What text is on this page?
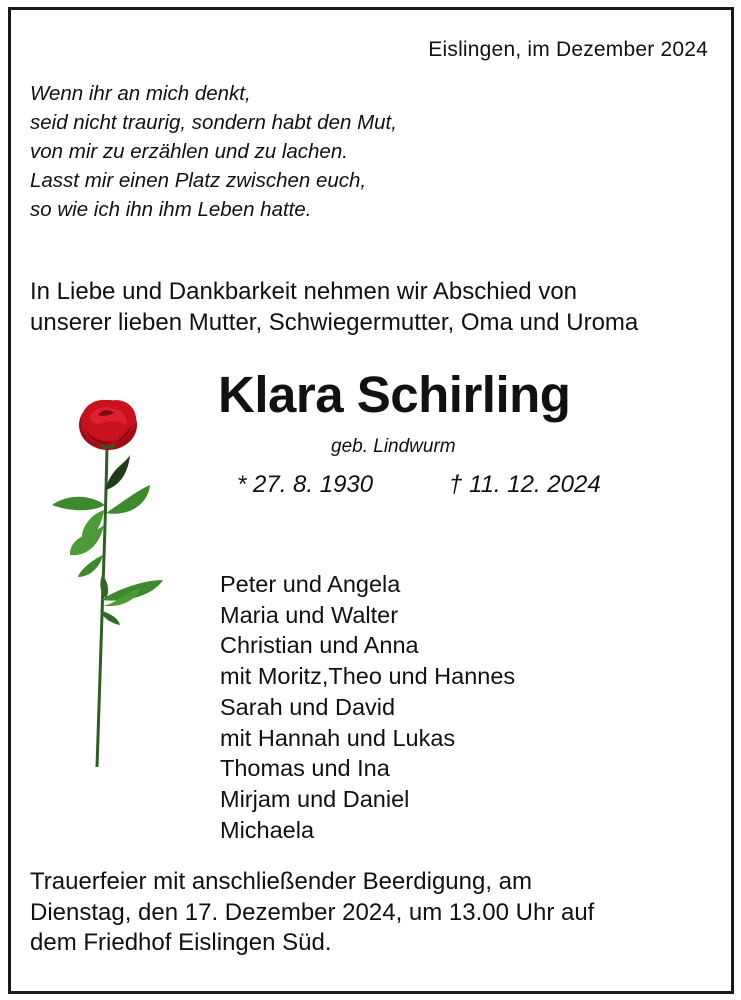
Eislingen, im Dezember 2024
Wenn ihr an mich denkt,
seid nicht traurig, sondern habt den Mut,
von mir zu erzählen und zu lachen.
Lasst mir einen Platz zwischen euch,
so wie ich ihn ihm Leben hatte.
In Liebe und Dankbarkeit nehmen wir Abschied von
unserer lieben Mutter, Schwiegermutter, Oma und Uroma
Klara Schirling
geb. Lindwurm
* 27. 8. 1930	† 11. 12. 2024
Peter und Angela
Maria und Walter
Christian und Anna
mit Moritz,Theo und Hannes
Sarah und David
mit Hannah und Lukas
Thomas und Ina
Mirjam und Daniel
Michaela
Trauerfeier mit anschließender Beerdigung, am
Dienstag, den 17. Dezember 2024, um 13.00 Uhr auf
dem Friedhof Eislingen Süd.
